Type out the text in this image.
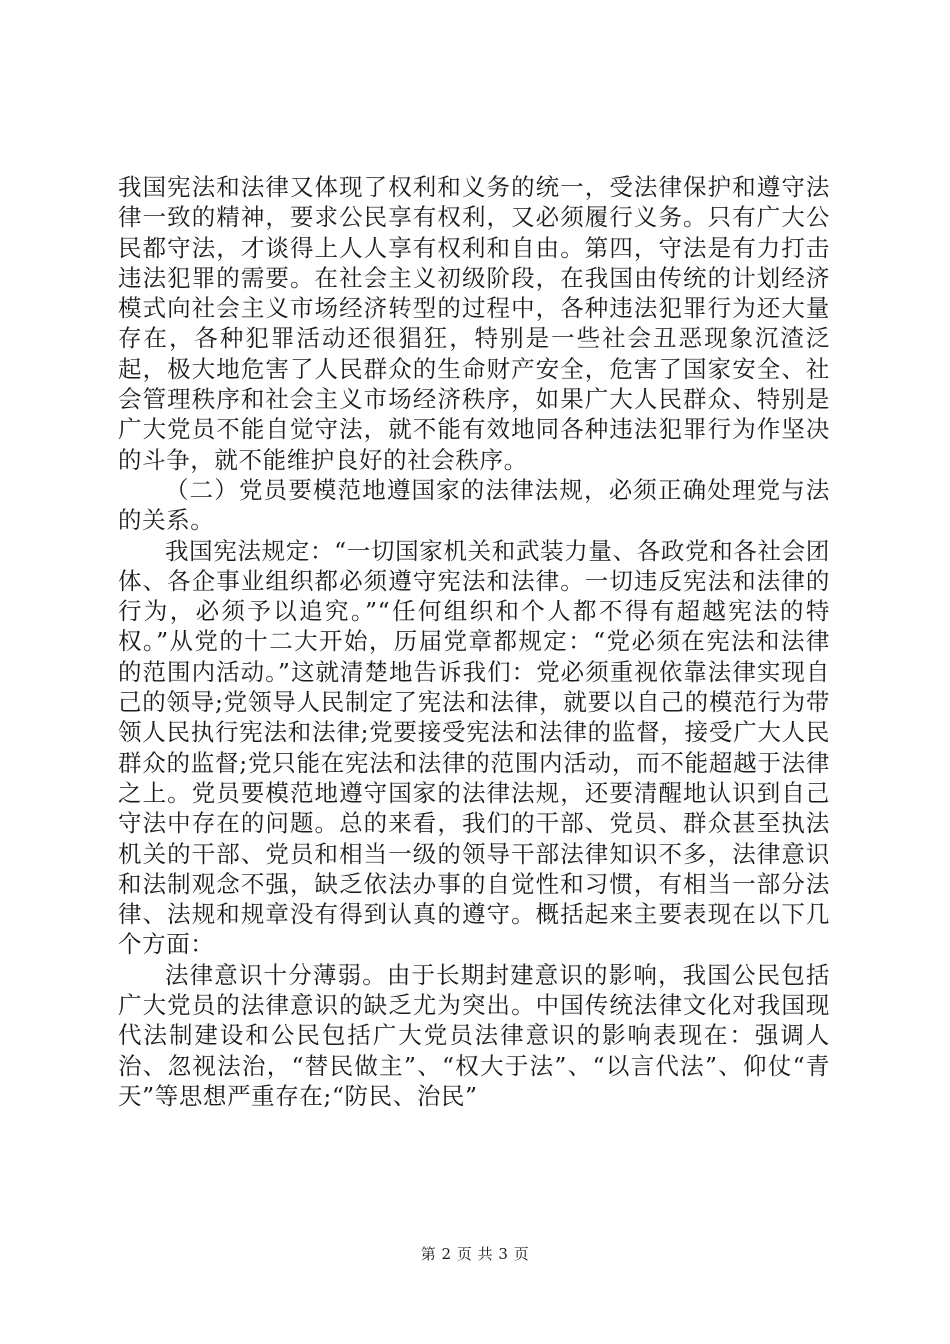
我国宪法和法律又体现了权利和义务的统一，受法律保护和遵守法律一致的精神，要求公民享有权利，又必须履行义务。只有广大公民都守法，才谈得上人人享有权利和自由。第四，守法是有力打击违法犯罪的需要。在社会主义初级阶段，在我国由传统的计划经济模式向社会主义市场经济转型的过程中，各种违法犯罪行为还大量存在，各种犯罪活动还很猖狂，特别是一些社会丑恶现象沉渣泛起，极大地危害了人民群众的生命财产安全，危害了国家安全、社会管理秩序和社会主义市场经济秩序，如果广大人民群众、特别是广大党员不能自觉守法，就不能有效地同各种违法犯罪行为作坚决的斗争，就不能维护良好的社会秩序。

（二）党员要模范地遵国家的法律法规，必须正确处理党与法的关系。

我国宪法规定：“一切国家机关和武装力量、各政党和各社会团体、各企事业组织都必须遵守宪法和法律。一切违反宪法和法律的行为，必须予以追究。”“任何组织和个人都不得有超越宪法的特权。”从党的十二大开始，历届党章都规定：“党必须在宪法和法律的范围内活动。”这就清楚地告诉我们：党必须重视依靠法律实现自己的领导;党领导人民制定了宪法和法律，就要以自己的模范行为带领人民执行宪法和法律;党要接受宪法和法律的监督，接受广大人民群众的监督;党只能在宪法和法律的范围内活动，而不能超越于法律之上。党员要模范地遵守国家的法律法规，还要清醒地认识到自己守法中存在的问题。总的来看，我们的干部、党员、群众甚至执法机关的干部、党员和相当一级的领导干部法律知识不多，法律意识和法制观念不强，缺乏依法办事的自觉性和习惯，有相当一部分法律、法规和规章没有得到认真的遵守。概括起来主要表现在以下几个方面：

法律意识十分薄弱。由于长期封建意识的影响，我国公民包括广大党员的法律意识的缺乏尤为突出。中国传统法律文化对我国现代法制建设和公民包括广大党员法律意识的影响表现在：强调人治、忽视法治，“替民做主”、“权大于法”、“以言代法”、仰仗“青天”等思想严重存在;“防民、治民”

第 2 页 共 3 页
